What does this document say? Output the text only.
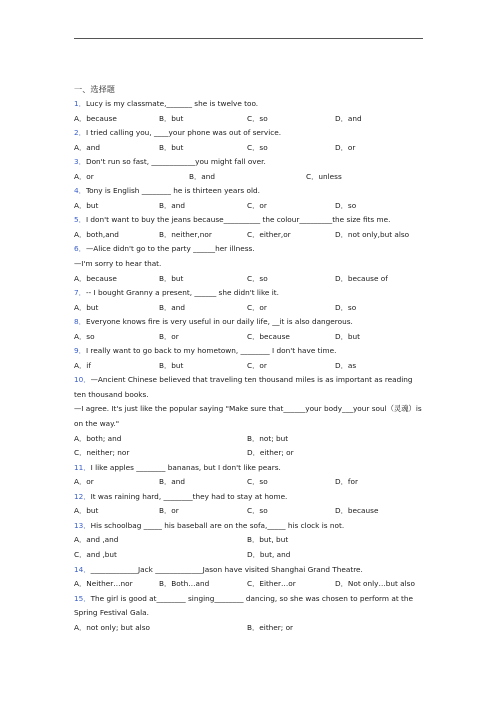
一、选择题
1．Lucy is my classmate,_______ she is twelve too.
A．because	B．but	C．so	D．and
2．I tried calling you, ____your phone was out of service.
A．and	B．but	C．so	D．or
3．Don't run so fast, ____________you might fall over.
A．or	B．and	C．unless
4．Tony is English ________ he is thirteen years old.
A．but	B．and	C．or	D．so
5．I don't want to buy the jeans because__________ the colour_________the size fits me.
A．both,and	B．neither,nor	C．either,or	D．not only,but also
6．—Alice didn't go to the party ______her illness.
—I'm sorry to hear that.
A．because	B．but	C．so	D．because of
7．-- I bought Granny a present, ______ she didn't like it.
A．but	B．and	C．or	D．so
8．Everyone knows fire is very useful in our daily life, __it is also dangerous.
A．so	B．or	C．because	D．but
9．I really want to go back to my hometown, ________ I don't have time.
A．if	B．but	C．or	D．as
10．—Ancient Chinese believed that traveling ten thousand miles is as important as reading ten thousand books.
—I agree. It's just like the popular saying "Make sure that______your body___your soul（灵魂）is on the way."
A．both; and	B．not; but
C．neither; nor	D．either; or
11．I like apples ________ bananas, but I don't like pears.
A．or	B．and	C．so	D．for
12．It was raining hard, ________they had to stay at home.
A．but	B．or	C．so	D．because
13．His schoolbag _____ his baseball are on the sofa,_____ his clock is not.
A．and ,and	B．but, but
C．and ,but	D．but, and
14．_____________Jack _____________Jason have visited Shanghai Grand Theatre.
A．Neither…nor	B．Both…and	C．Either…or	D．Not only…but also
15．The girl is good at________ singing________ dancing, so she was chosen to perform at the Spring Festival Gala.
A．not only; but also	B．either; or
